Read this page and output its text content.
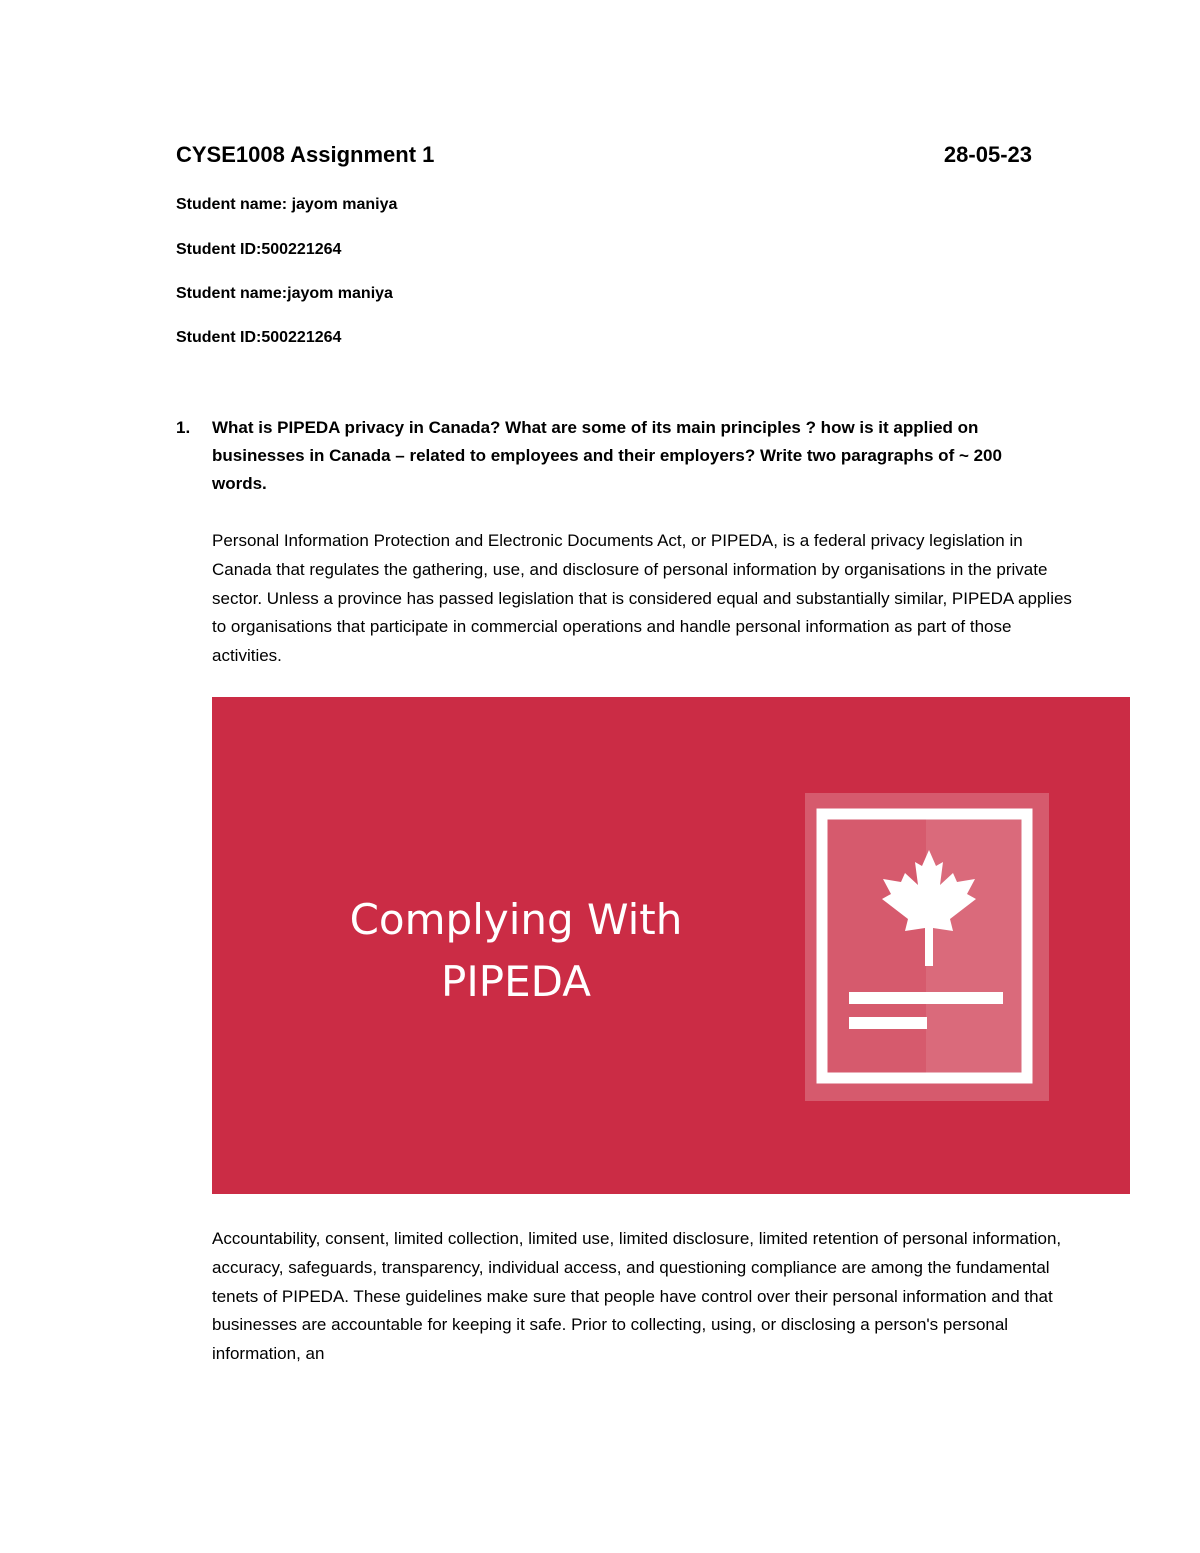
CYSE1008 Assignment 1	28-05-23
Student name: jayom maniya
Student ID:500221264
Student name:jayom maniya
Student ID:500221264
1.	What is PIPEDA privacy in Canada? What are some of its main principles ? how is it applied on businesses in Canada – related to employees and their employers? Write two paragraphs of ~ 200 words.
Personal Information Protection and Electronic Documents Act, or PIPEDA, is a federal privacy legislation in Canada that regulates the gathering, use, and disclosure of personal information by organisations in the private sector. Unless a province has passed legislation that is considered equal and substantially similar, PIPEDA applies to organisations that participate in commercial operations and handle personal information as part of those activities.
Complying With
PIPEDA
Accountability, consent, limited collection, limited use, limited disclosure, limited retention of personal information, accuracy, safeguards, transparency, individual access, and questioning compliance are among the fundamental tenets of PIPEDA. These guidelines make sure that people have control over their personal information and that businesses are accountable for keeping it safe. Prior to collecting, using, or disclosing a person's personal information, an
